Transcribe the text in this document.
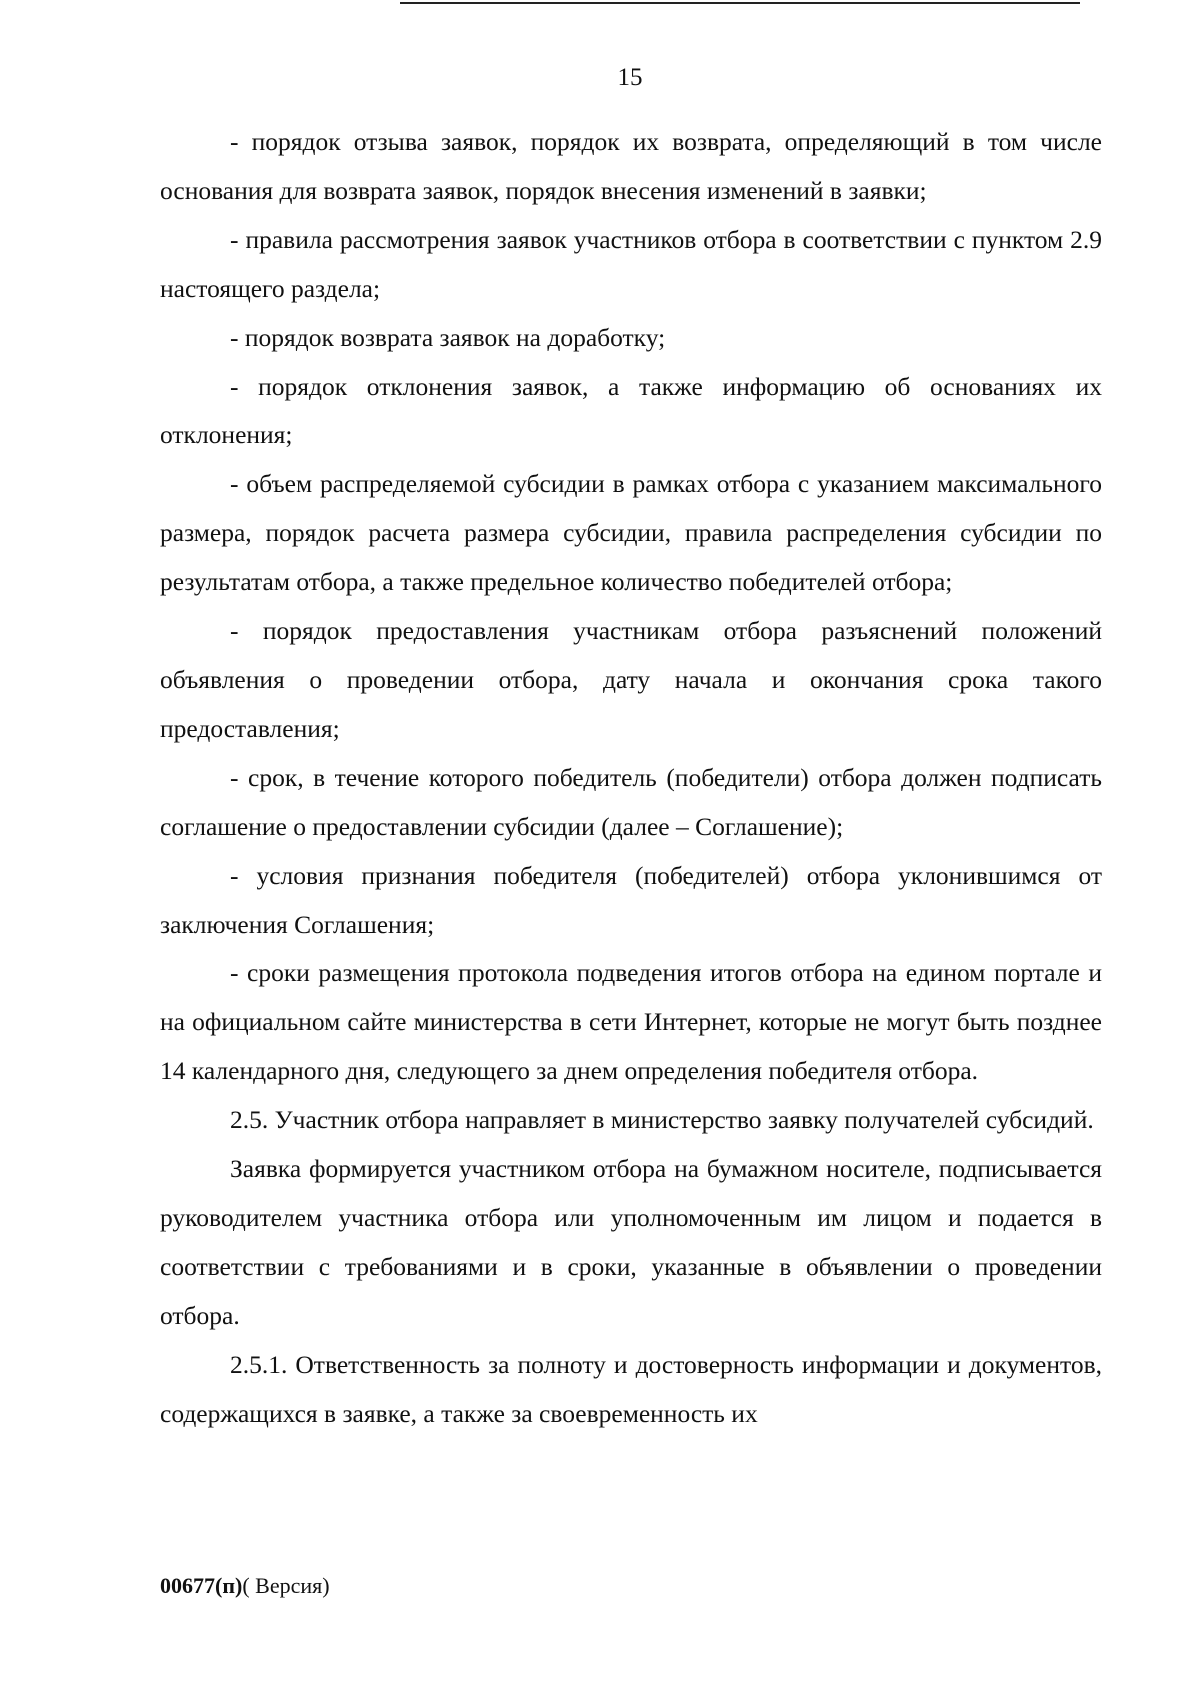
15

- порядок отзыва заявок, порядок их возврата, определяющий в том числе основания для возврата заявок, порядок внесения изменений в заявки;

- правила рассмотрения заявок участников отбора в соответствии с пунктом 2.9 настоящего раздела;

- порядок возврата заявок на доработку;

- порядок отклонения заявок, а также информацию об основаниях их отклонения;

- объем распределяемой субсидии в рамках отбора с указанием максимального размера, порядок расчета размера субсидии, правила распределения субсидии по результатам отбора, а также предельное количество победителей отбора;

- порядок предоставления участникам отбора разъяснений положений объявления о проведении отбора, дату начала и окончания срока такого предоставления;

- срок, в течение которого победитель (победители) отбора должен подписать соглашение о предоставлении субсидии (далее – Соглашение);

- условия признания победителя (победителей) отбора уклонившимся от заключения Соглашения;

- сроки размещения протокола подведения итогов отбора на едином портале и на официальном сайте министерства в сети Интернет, которые не могут быть позднее 14 календарного дня, следующего за днем определения победителя отбора.

2.5. Участник отбора направляет в министерство заявку получателей субсидий.

Заявка формируется участником отбора на бумажном носителе, подписывается руководителем участника отбора или уполномоченным им лицом и подается в соответствии с требованиями и в сроки, указанные в объявлении о проведении отбора.

2.5.1. Ответственность за полноту и достоверность информации и документов, содержащихся в заявке, а также за своевременность их

00677(п)( Версия)
